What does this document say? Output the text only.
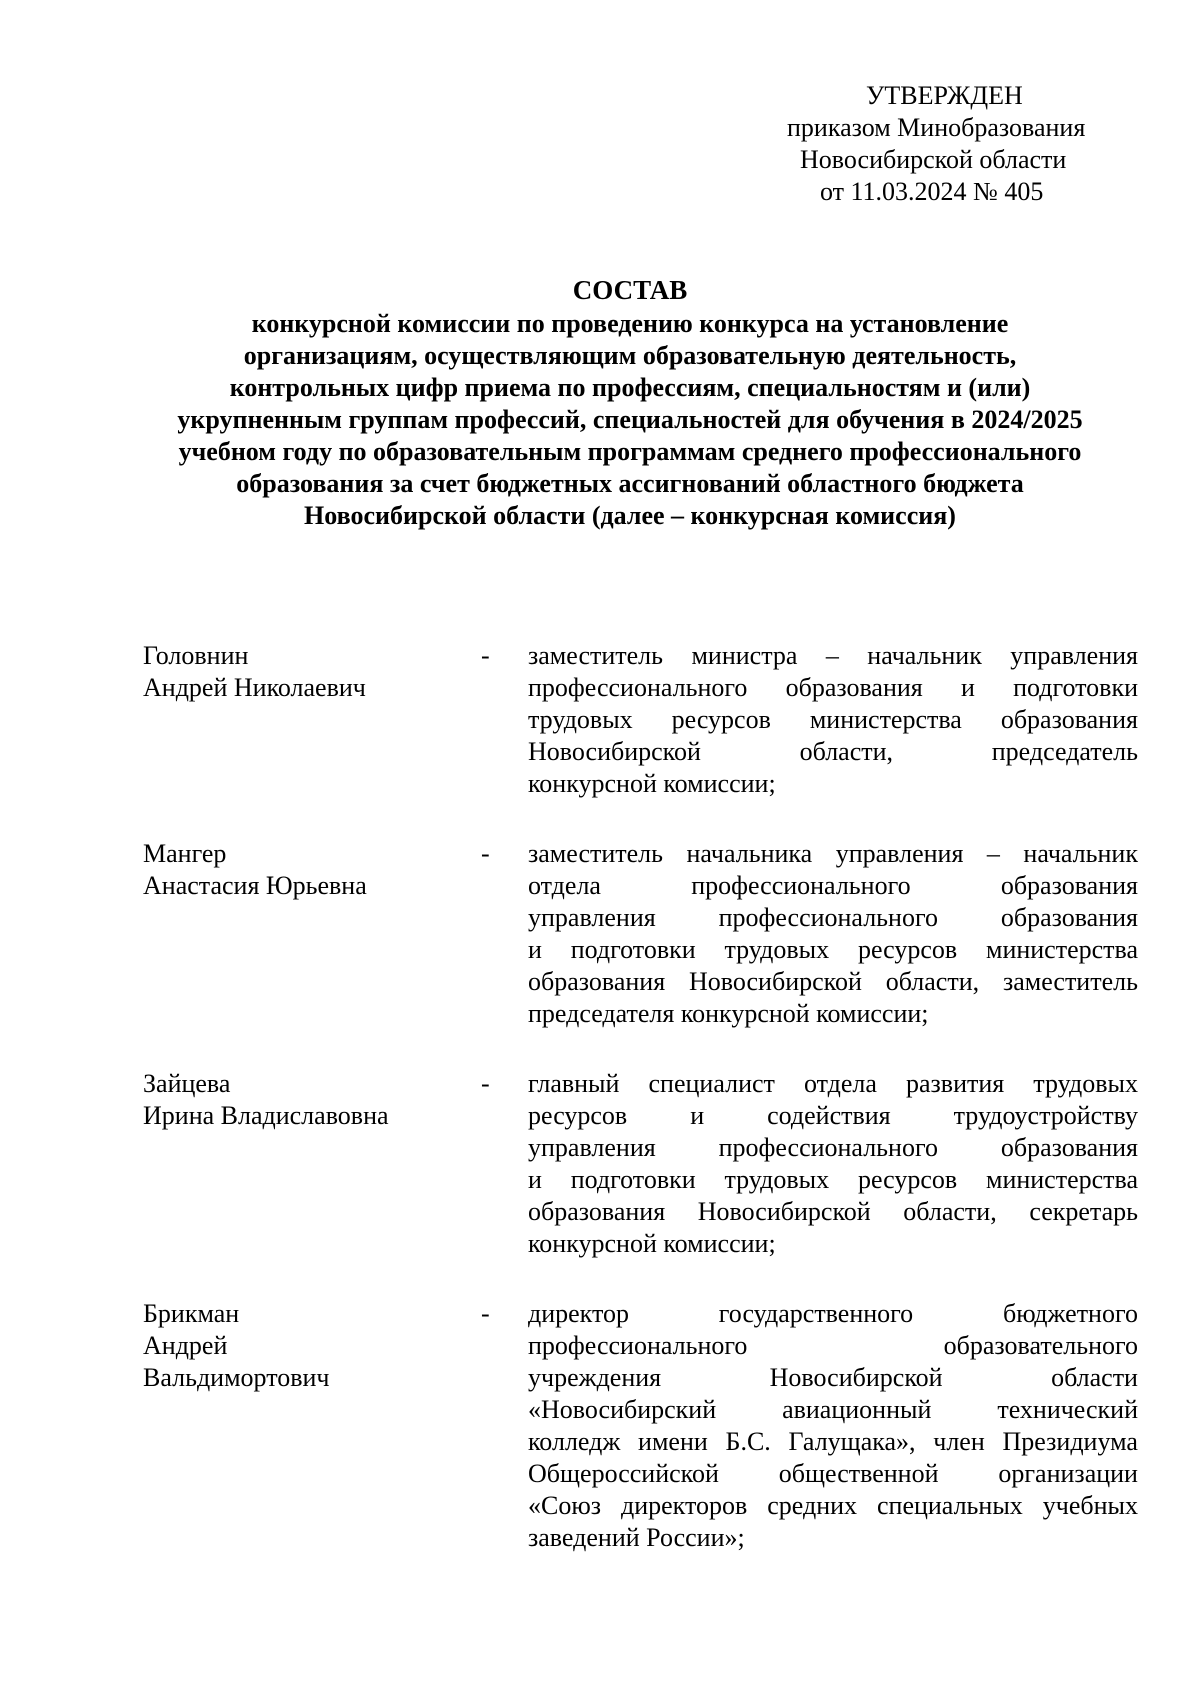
УТВЕРЖДЕН
приказом Минобразования
Новосибирской области
от 11.03.2024 № 405
СОСТАВ
конкурсной комиссии по проведению конкурса на установление
организациям, осуществляющим образовательную деятельность,
контрольных цифр приема по профессиям, специальностям и (или)
укрупненным группам профессий, специальностей для обучения в 2024/2025
учебном году по образовательным программам среднего профессионального
образования за счет бюджетных ассигнований областного бюджета
Новосибирской области (далее – конкурсная комиссия)
Головнин
Андрей Николаевич
-	заместитель министра – начальник управления
профессионального образования и подготовки
трудовых ресурсов министерства образования
Новосибирской	области,	председатель
конкурсной комиссии;
Мангер
Анастасия Юрьевна
-	заместитель начальника управления – начальник
отдела	профессионального	образования
управления профессионального образования
и подготовки трудовых ресурсов министерства
образования Новосибирской области, заместитель
председателя конкурсной комиссии;
Зайцева
Ирина Владиславовна
-	главный специалист отдела развития трудовых
ресурсов и содействия трудоустройству
управления профессионального образования
и подготовки трудовых ресурсов министерства
образования Новосибирской области, секретарь
конкурсной комиссии;
Брикман
Андрей
Вальдимортович
-	директор	государственного	бюджетного
профессионального	образовательного
учреждения	Новосибирской	области
«Новосибирский	авиационный	технический
колледж имени Б.С. Галущака», член Президиума
Общероссийской общественной организации
«Союз директоров средних специальных учебных
заведений России»;
